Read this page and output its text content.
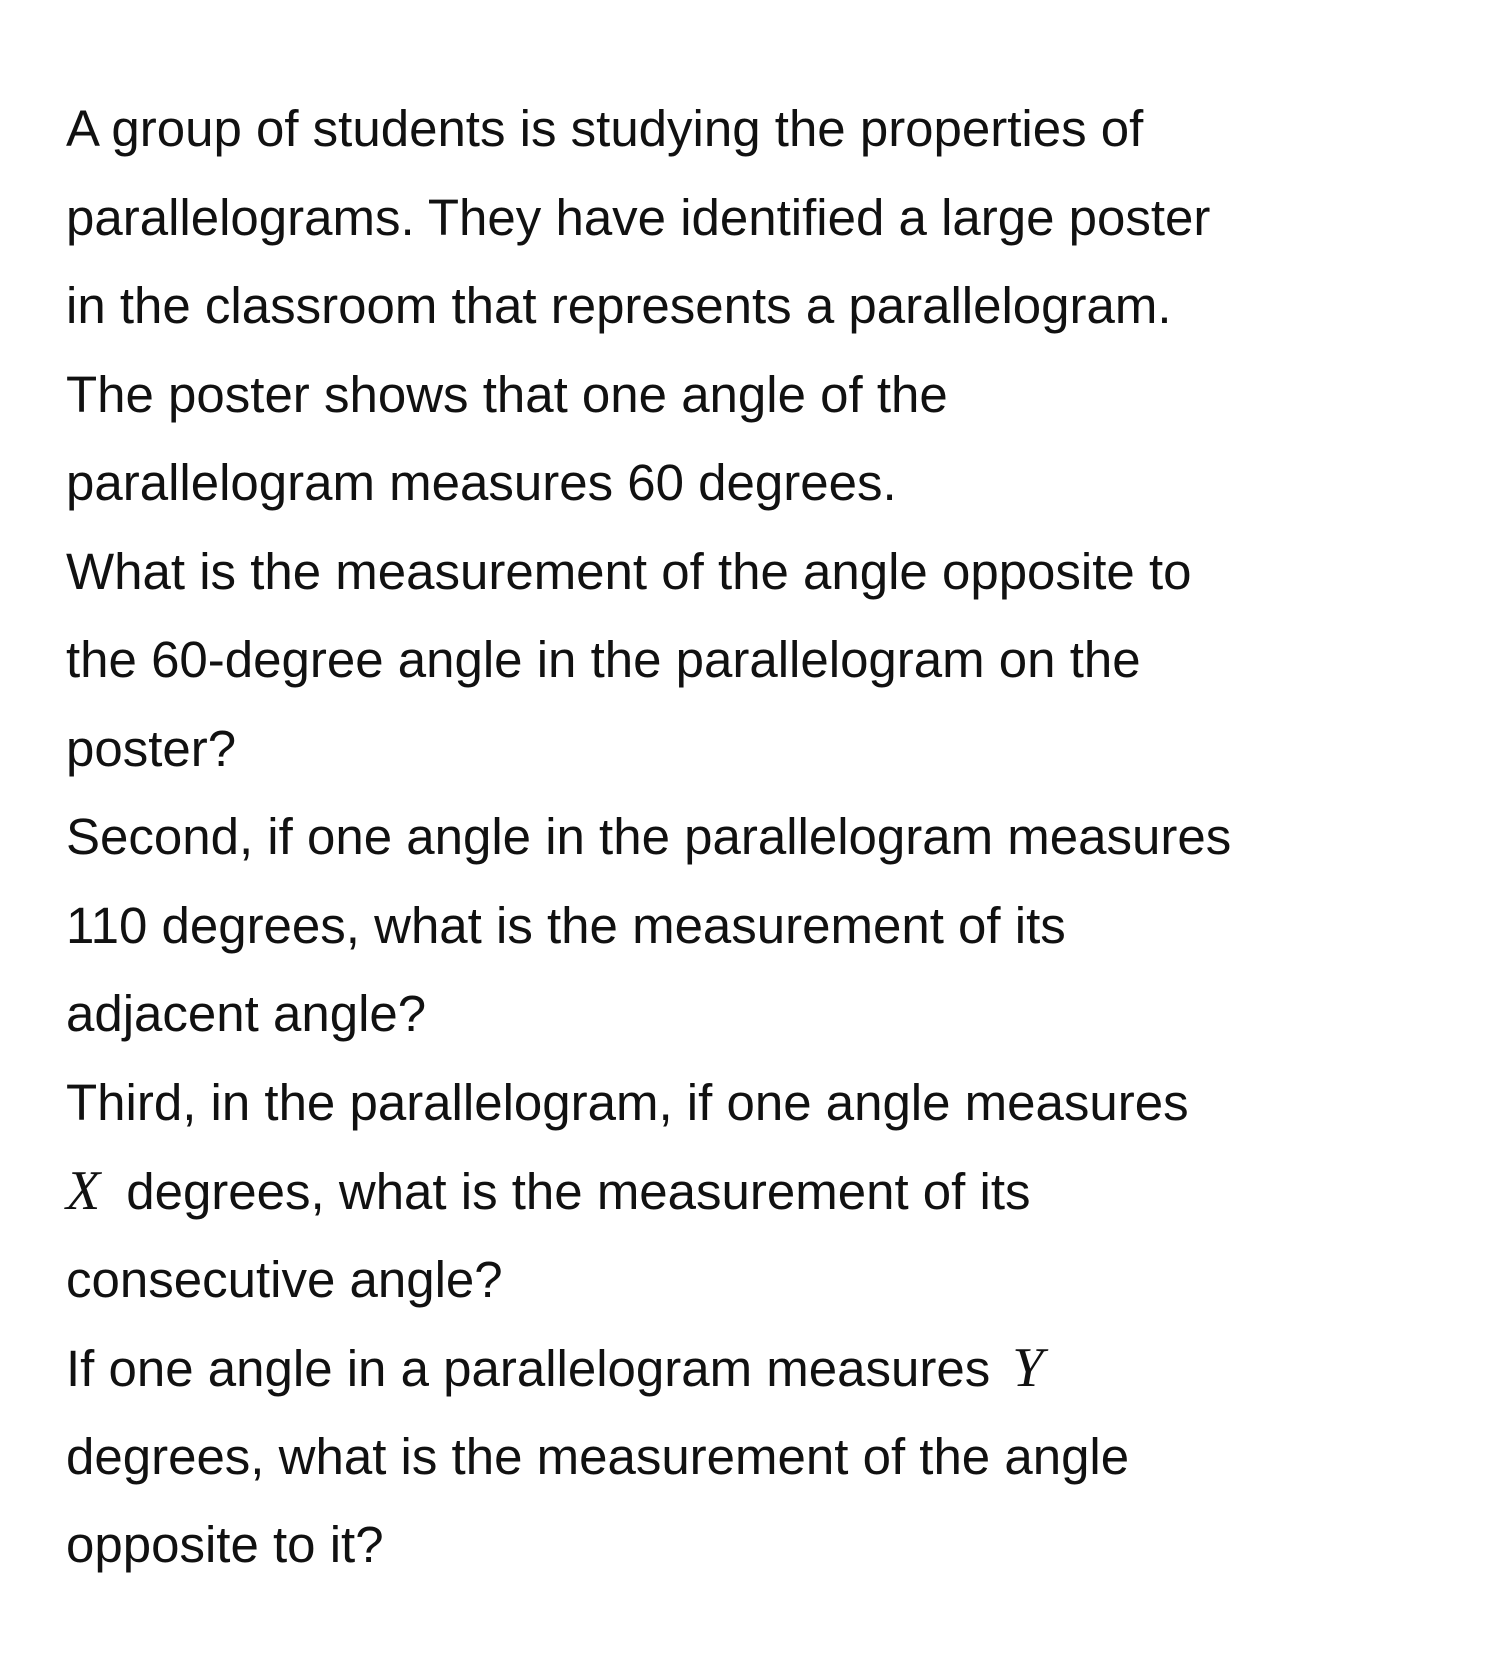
A group of students is studying the properties of
parallelograms. They have identified a large poster
in the classroom that represents a parallelogram.
The poster shows that one angle of the
parallelogram measures 60 degrees.
What is the measurement of the angle opposite to
the 60-degree angle in the parallelogram on the
poster?
Second, if one angle in the parallelogram measures
110 degrees, what is the measurement of its
adjacent angle?
Third, in the parallelogram, if one angle measures
X degrees, what is the measurement of its
consecutive angle?
If one angle in a parallelogram measures Y
degrees, what is the measurement of the angle
opposite to it?
